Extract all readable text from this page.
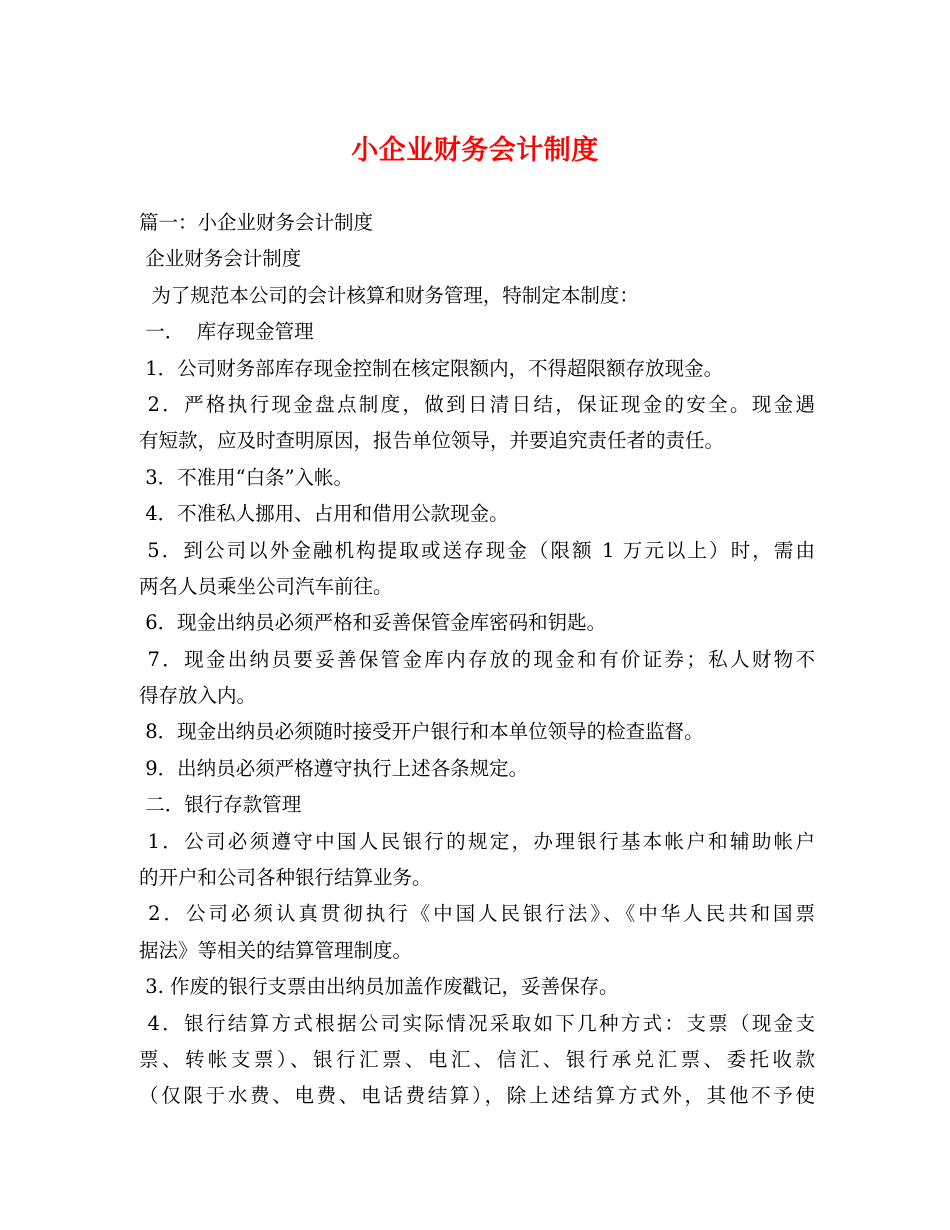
小企业财务会计制度
篇一：小企业财务会计制度
企业财务会计制度
为了规范本公司的会计核算和财务管理，特制定本制度：
一．  库存现金管理
1．公司财务部库存现金控制在核定限额内，不得超限额存放现金。
2．严格执行现金盘点制度，做到日清日结，保证现金的安全。现金遇
有短款，应及时查明原因，报告单位领导，并要追究责任者的责任。
3．不准用“白条”入帐。
4．不准私人挪用、占用和借用公款现金。
5．到公司以外金融机构提取或送存现金（限额 1 万元以上）时，需由
两名人员乘坐公司汽车前往。
6．现金出纳员必须严格和妥善保管金库密码和钥匙。
7．现金出纳员要妥善保管金库内存放的现金和有价证券；私人财物不
得存放入内。
8．现金出纳员必须随时接受开户银行和本单位领导的检查监督。
9．出纳员必须严格遵守执行上述各条规定。
二．银行存款管理
1．公司必须遵守中国人民银行的规定，办理银行基本帐户和辅助帐户
的开户和公司各种银行结算业务。
2．公司必须认真贯彻执行《中国人民银行法》、《中华人民共和国票
据法》等相关的结算管理制度。
3. 作废的银行支票由出纳员加盖作废戳记，妥善保存。
4．银行结算方式根据公司实际情况采取如下几种方式：支票（现金支
票、转帐支票）、银行汇票、电汇、信汇、银行承兑汇票、委托收款
（仅限于水费、电费、电话费结算），除上述结算方式外，其他不予使
